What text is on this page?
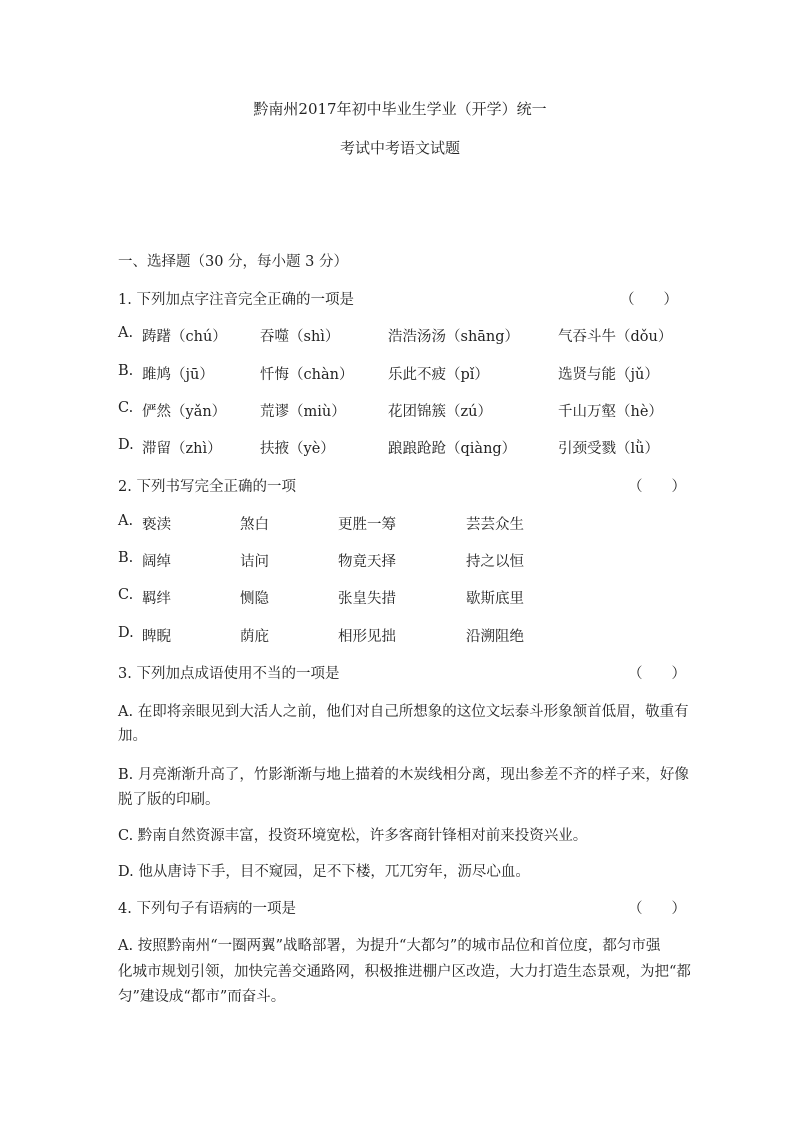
黔南州2017年初中毕业生学业（开学）统一
考试中考语文试题
一、选择题（30 分，每小题 3 分）
1. 下列加点字注音完全正确的一项是	（　　）
A. 踌躇（chú） 吞噬（shì）	浩浩汤汤（shāng）	气吞斗牛（dǒu）
B. 雎鸠（jū）	忏悔（chàn） 乐此不疲（pǐ）	选贤与能（jǔ）
C. 俨然（yǎn） 荒谬（miù）	花团锦簇（zú）	千山万壑（hè）
D. 滞留（zhì）	扶掖（yè）	踉踉跄跄（qiàng）	引颈受戮（lǜ）
2. 下列书写完全正确的一项	（　　）
A. 亵渎	煞白	更胜一筹	芸芸众生
B. 阔绰	诘问	物竟天择	持之以恒
C. 羁绊	恻隐	张皇失措	歇斯底里
D. 睥睨	荫庇	相形见拙	沿溯阻绝
3. 下列加点成语使用不当的一项是	（　　）
A. 在即将亲眼见到大活人之前，他们对自己所想象的这位文坛泰斗形象颔首低眉，敬重有
加。
B. 月亮渐渐升高了，竹影渐渐与地上描着的木炭线相分离，现出参差不齐的样子来，好像
脱了版的印刷。
C. 黔南自然资源丰富，投资环境宽松，许多客商针锋相对前来投资兴业。
D. 他从唐诗下手，目不窥园，足不下楼，兀兀穷年，沥尽心血。
4. 下列句子有语病的一项是	（　　）
A. 按照黔南州“一圈两翼”战略部署，为提升“大都匀”的城市品位和首位度，都匀市强
化城市规划引领，加快完善交通路网，积极推进棚户区改造，大力打造生态景观，为把“都
匀”建设成“都市”而奋斗。
